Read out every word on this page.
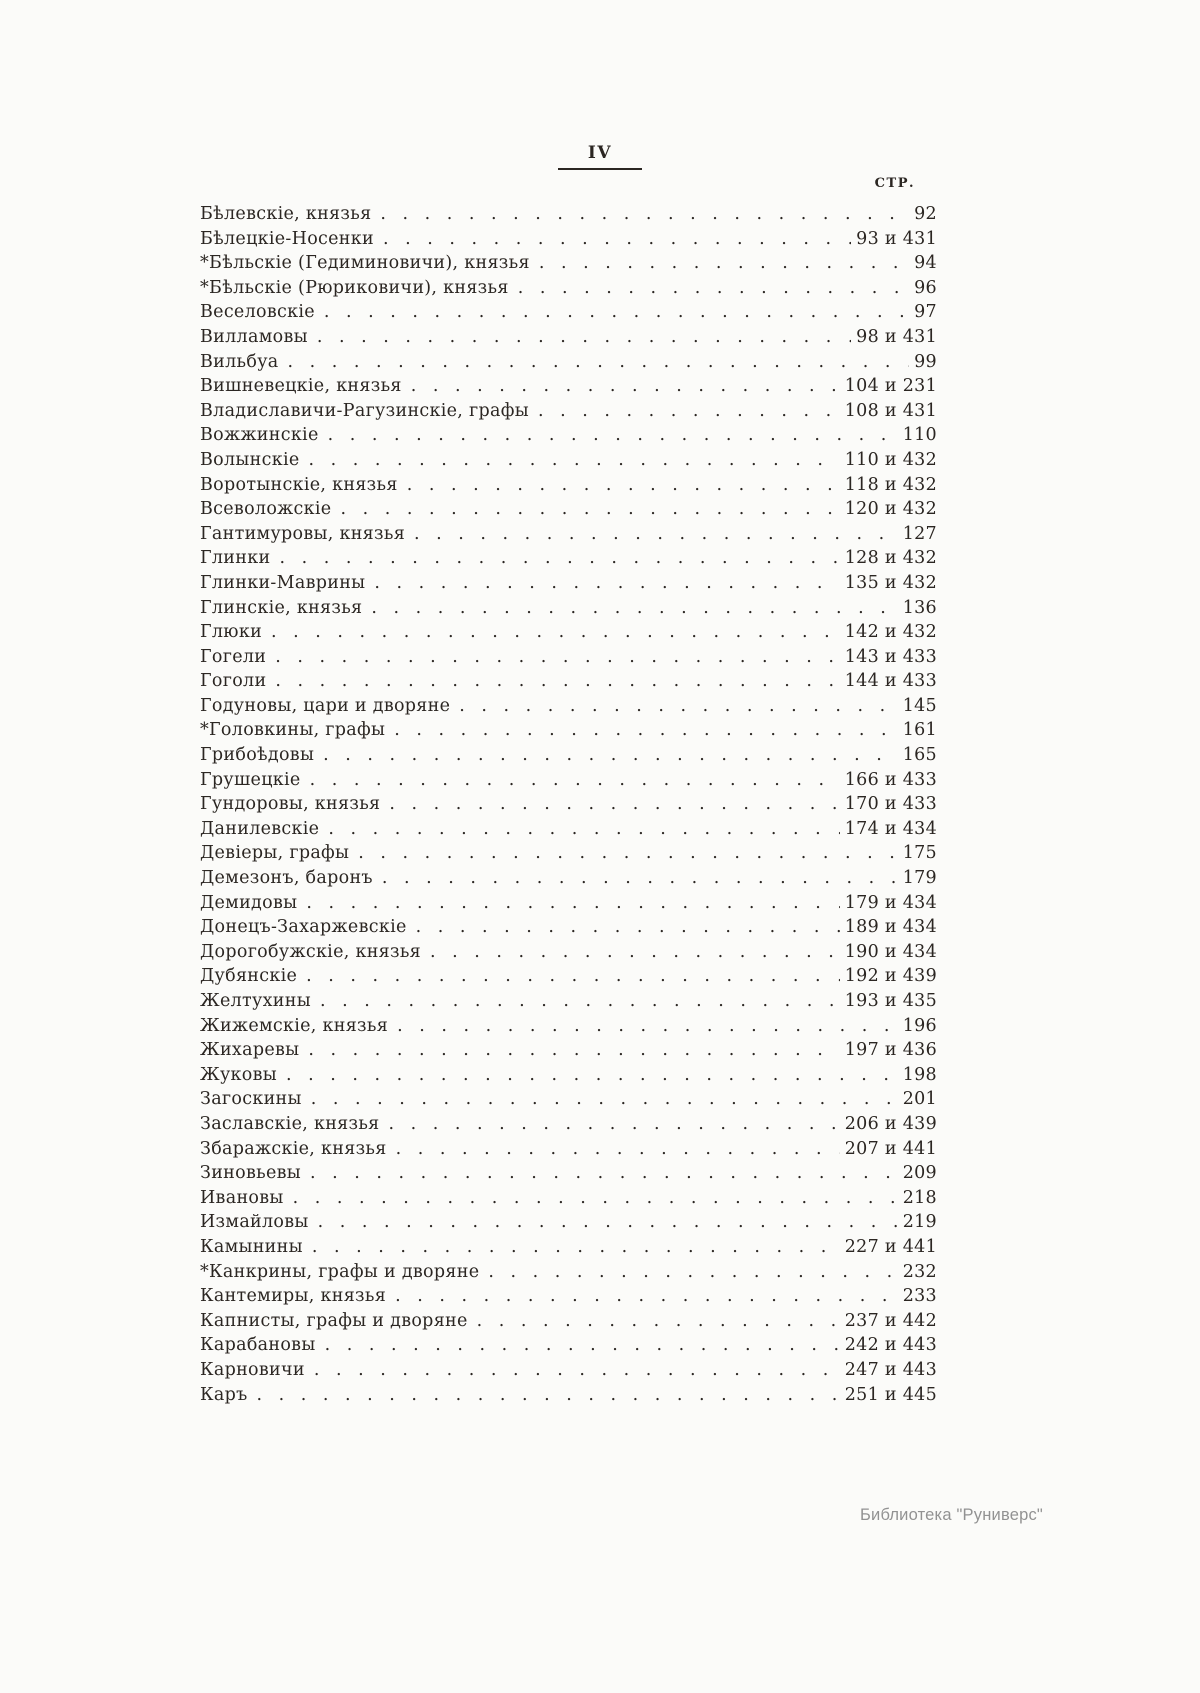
IV
СТР.
Бѣлевскіе, князья . . .	92
Бѣлецкіе-Носенки . . .	93 и 431
*Бѣльскіе (Гедиминовичи), князья . . .	94
*Бѣльскіе (Рюриковичи), князья . . .	96
Веселовскіе . . .	97
Вилламовы . . .	98 и 431
Вильбуа . . .	99
Вишневецкіе, князья . . .	104 и 231
Владиславичи-Рагузинскіе, графы . . .	108 и 431
Вожжинскіе . . .	110
Волынскіе . . .	110 и 432
Воротынскіе, князья . . .	118 и 432
Всеволожскіе . . .	120 и 432
Гантимуровы, князья . . .	127
Глинки . . .	128 и 432
Глинки-Маврины . . .	135 и 432
Глинскіе, князья . . .	136
Глюки . . .	142 и 432
Гогели . . .	143 и 433
Гоголи . . .	144 и 433
Годуновы, цари и дворяне . . .	145
*Головкины, графы . . .	161
Грибоѣдовы . . .	165
Грушецкіе . . .	166 и 433
Гундоровы, князья . . .	170 и 433
Данилевскіе . . .	174 и 434
Девіеры, графы . . .	175
Демезонъ, баронъ . . .	179
Демидовы . . .	179 и 434
Донецъ-Захаржевскіе . . .	189 и 434
Дорогобужскіе, князья . . .	190 и 434
Дубянскіе . . .	192 и 439
Желтухины . . .	193 и 435
Жижемскіе, князья . . .	196
Жихаревы . . .	197 и 436
Жуковы . . .	198
Загоскины . . .	201
Заславскіе, князья . . .	206 и 439
Збаражскіе, князья . . .	207 и 441
Зиновьевы . . .	209
Ивановы . . .	218
Измайловы . . .	219
Камынины . . .	227 и 441
*Канкрины, графы и дворяне . . .	232
Кантемиры, князья . . .	233
Капнисты, графы и дворяне . . .	237 и 442
Карабановы . . .	242 и 443
Карновичи . . .	247 и 443
Каръ . . .	251 и 445
Библиотека "Руниверс"
